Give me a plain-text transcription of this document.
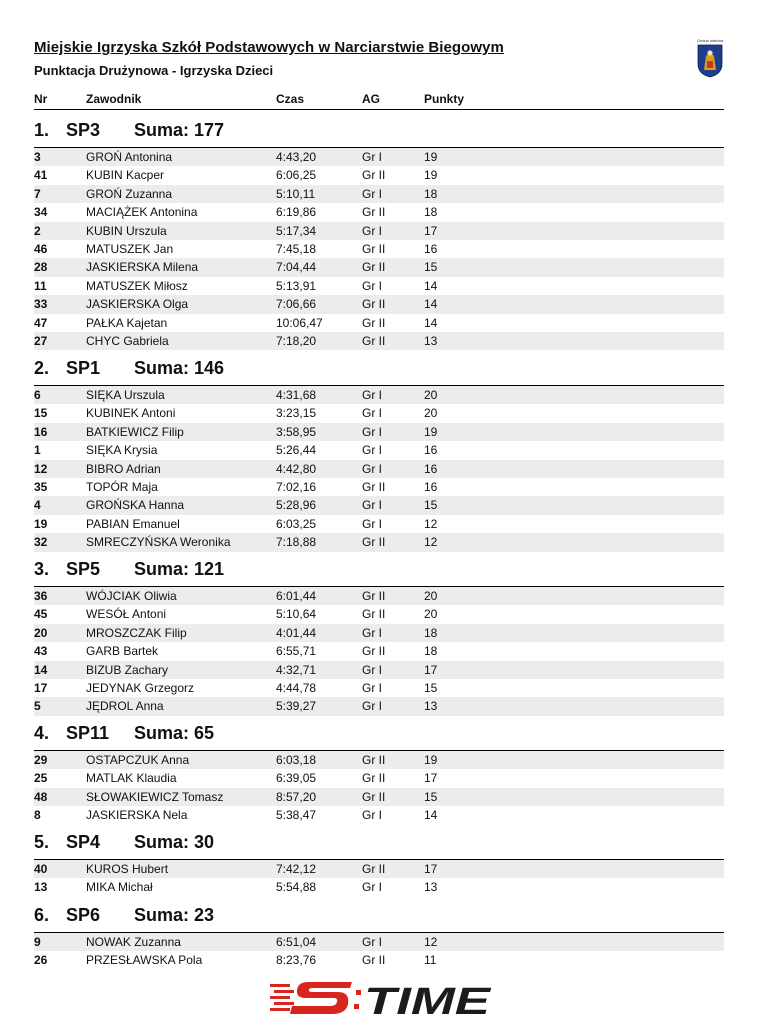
Miejskie Igrzyska Szkół Podstawowych w Narciarstwie Biegowym
Punktacja Drużynowa - Igrzyska Dzieci
Gmina Istebna
Nr	Zawodnik	Czas	AG	Punkty
1. SP3 Suma: 177
3	GROŃ Antonina	4:43,20	Gr I	19
41	KUBIN Kacper	6:06,25	Gr II	19
7	GROŃ Zuzanna	5:10,11	Gr I	18
34	MACIĄŻEK Antonina	6:19,86	Gr II	18
2	KUBIN Urszula	5:17,34	Gr I	17
46	MATUSZEK Jan	7:45,18	Gr II	16
28	JASKIERSKA Milena	7:04,44	Gr II	15
11	MATUSZEK Miłosz	5:13,91	Gr I	14
33	JASKIERSKA Olga	7:06,66	Gr II	14
47	PAŁKA Kajetan	10:06,47	Gr II	14
27	CHYC Gabriela	7:18,20	Gr II	13
2. SP1 Suma: 146
6	SIĘKA Urszula	4:31,68	Gr I	20
15	KUBINEK Antoni	3:23,15	Gr I	20
16	BATKIEWICZ Filip	3:58,95	Gr I	19
1	SIĘKA Krysia	5:26,44	Gr I	16
12	BIBRO Adrian	4:42,80	Gr I	16
35	TOPÓR Maja	7:02,16	Gr II	16
4	GROŃSKA Hanna	5:28,96	Gr I	15
19	PABIAN Emanuel	6:03,25	Gr I	12
32	SMRECZYŃSKA Weronika	7:18,88	Gr II	12
3. SP5 Suma: 121
36	WÓJCIAK Oliwia	6:01,44	Gr II	20
45	WESÓŁ Antoni	5:10,64	Gr II	20
20	MROSZCZAK Filip	4:01,44	Gr I	18
43	GARB Bartek	6:55,71	Gr II	18
14	BIZUB Zachary	4:32,71	Gr I	17
17	JEDYNAK Grzegorz	4:44,78	Gr I	15
5	JĘDROL Anna	5:39,27	Gr I	13
4. SP11 Suma: 65
29	OSTAPCZUK Anna	6:03,18	Gr II	19
25	MATLAK Klaudia	6:39,05	Gr II	17
48	SŁOWAKIEWICZ Tomasz	8:57,20	Gr II	15
8	JASKIERSKA Nela	5:38,47	Gr I	14
5. SP4 Suma: 30
40	KUROS Hubert	7:42,12	Gr II	17
13	MIKA Michał	5:54,88	Gr I	13
6. SP6 Suma: 23
9	NOWAK Zuzanna	6:51,04	Gr I	12
26	PRZESŁAWSKA Pola	8:23,76	Gr II	11
TIME
